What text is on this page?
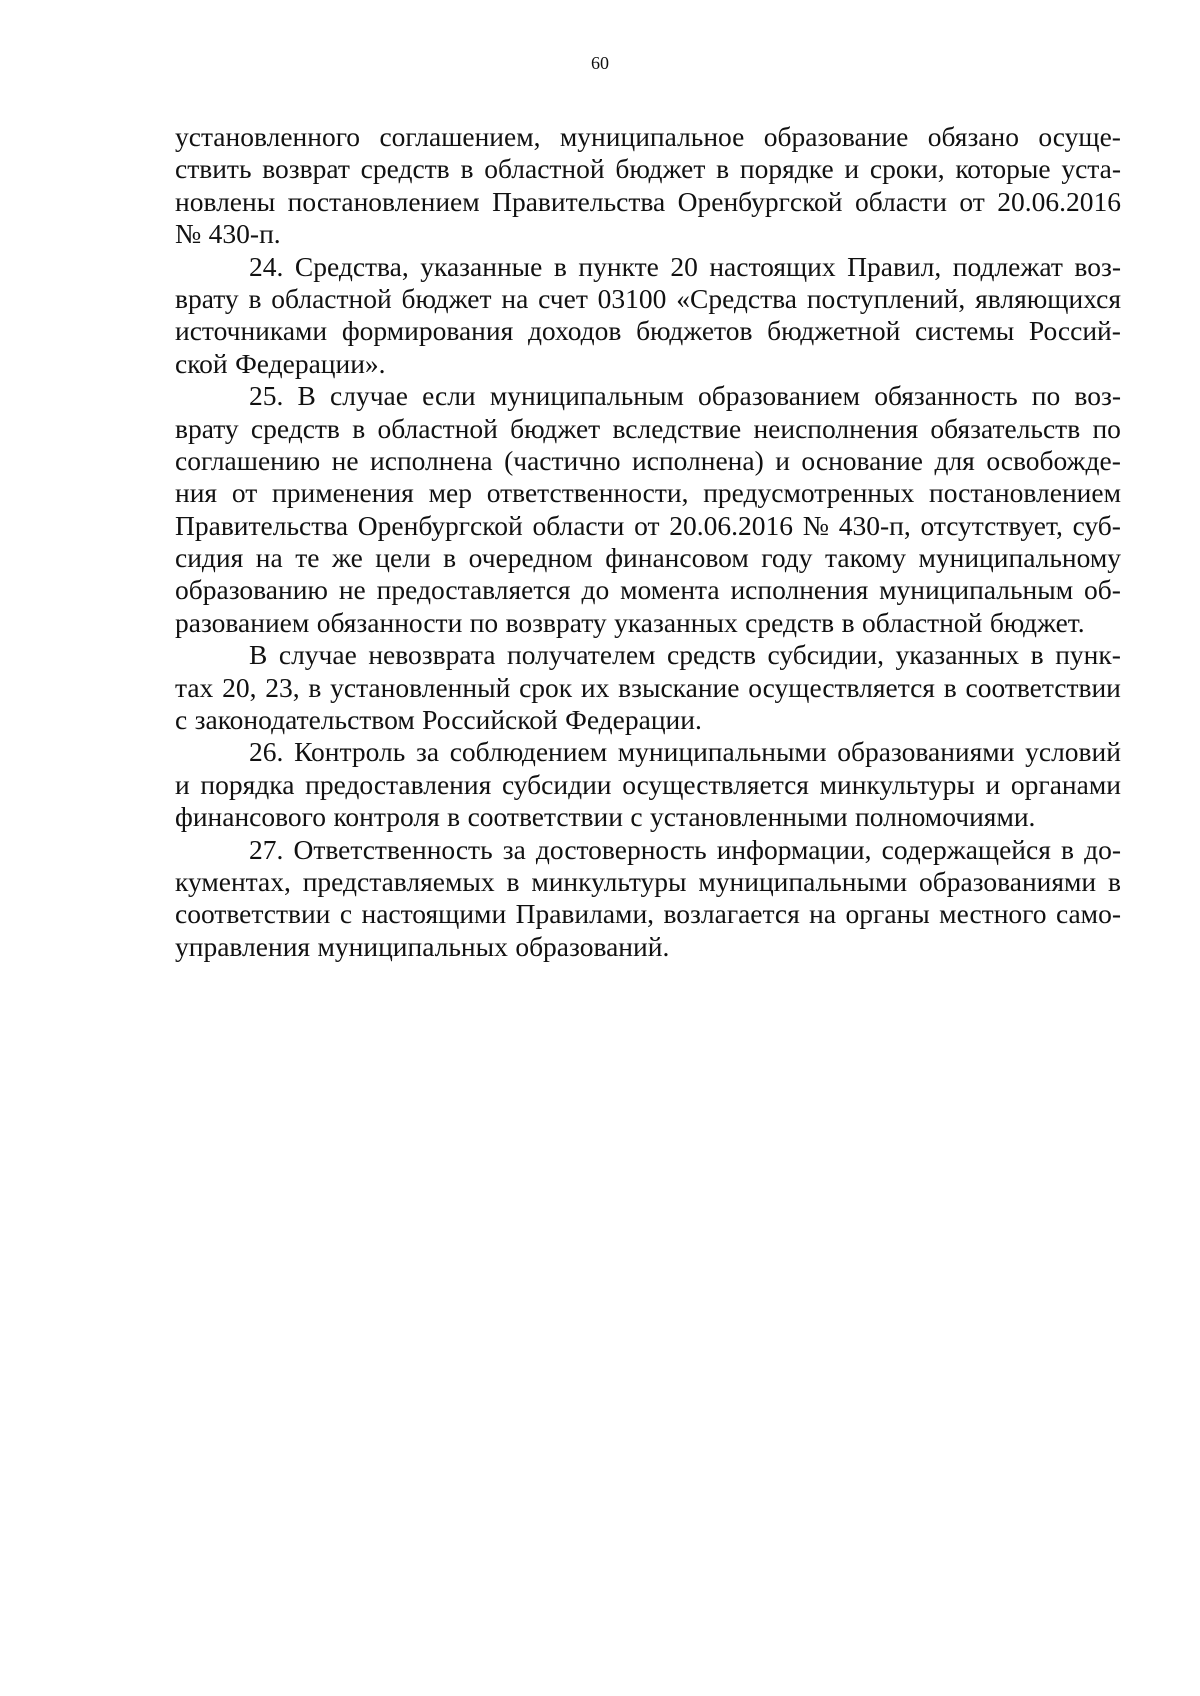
60
установленного соглашением, муниципальное образование обязано осуще-
ствить возврат средств в областной бюджет в порядке и сроки, которые уста-
новлены постановлением Правительства Оренбургской области от 20.06.2016
№ 430-п.
24. Средства, указанные в пункте 20 настоящих Правил, подлежат воз-
врату в областной бюджет на счет 03100 «Средства поступлений, являющихся
источниками формирования доходов бюджетов бюджетной системы Россий-
ской Федерации».
25. В случае если муниципальным образованием обязанность по воз-
врату средств в областной бюджет вследствие неисполнения обязательств по
соглашению не исполнена (частично исполнена) и основание для освобожде-
ния от применения мер ответственности, предусмотренных постановлением
Правительства Оренбургской области от 20.06.2016 № 430-п, отсутствует, суб-
сидия на те же цели в очередном финансовом году такому муниципальному
образованию не предоставляется до момента исполнения муниципальным об-
разованием обязанности по возврату указанных средств в областной бюджет.
В случае невозврата получателем средств субсидии, указанных в пунк-
тах 20, 23, в установленный срок их взыскание осуществляется в соответствии
с законодательством Российской Федерации.
26. Контроль за соблюдением муниципальными образованиями условий
и порядка предоставления субсидии осуществляется минкультуры и органами
финансового контроля в соответствии с установленными полномочиями.
27. Ответственность за достоверность информации, содержащейся в до-
кументах, представляемых в минкультуры муниципальными образованиями в
соответствии с настоящими Правилами, возлагается на органы местного само-
управления муниципальных образований.
